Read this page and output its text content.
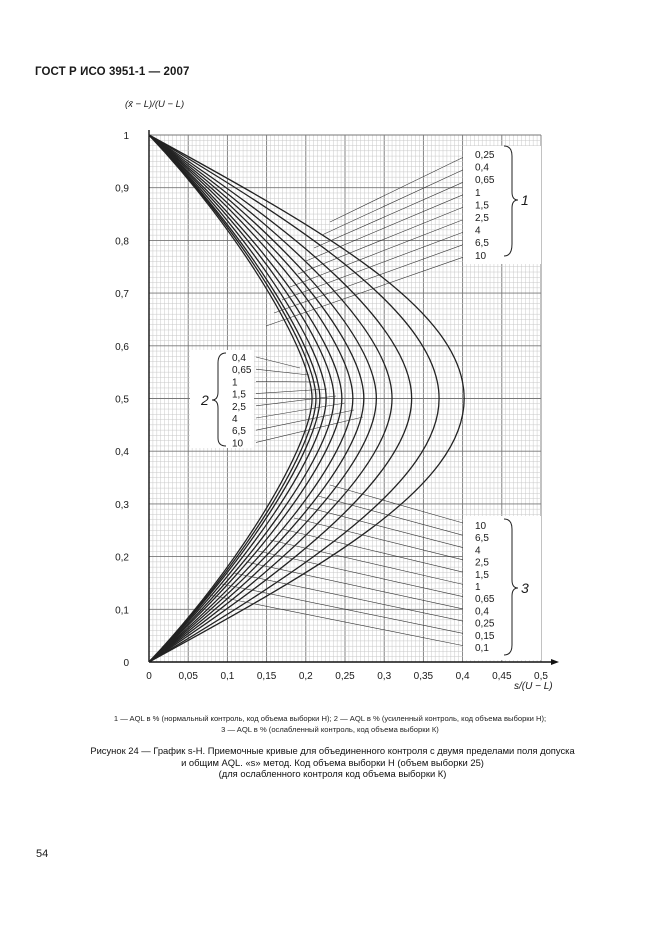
ГОСТ Р ИСО 3951-1 — 2007
0	0,05 0,1 0,15 0,2 0,25 0,3 0,35 0,4 0,45 0,5
0
0,1
0,2
0,3
0,4
0,5
0,6
0,7
0,8
0,9
1
0,25
0,4
0,65
1
1,5
2,5
4
6,5
10
1
0,4
0,65
1
1,5
2,5
4
6,5
10
2
10
6,5
4
2,5
1,5
1
0,65
0,4
0,25
0,15
0,1
3
(x̄ − L)/(U − L)
s/(U − L)
1 — AQL в % (нормальный контроль, код объема выборки Н); 2 — AQL в % (усиленный контроль, код объема выборки Н);
3 — AQL в % (ослабленный контроль, код объема выборки К)
Рисунок 24 — График s-Н. Приемочные кривые для объединенного контроля с двумя пределами поля допуска
и общим AQL. «s» метод. Код объема выборки Н (объем выборки 25)
(для ослабленного контроля код объема выборки К)
54
